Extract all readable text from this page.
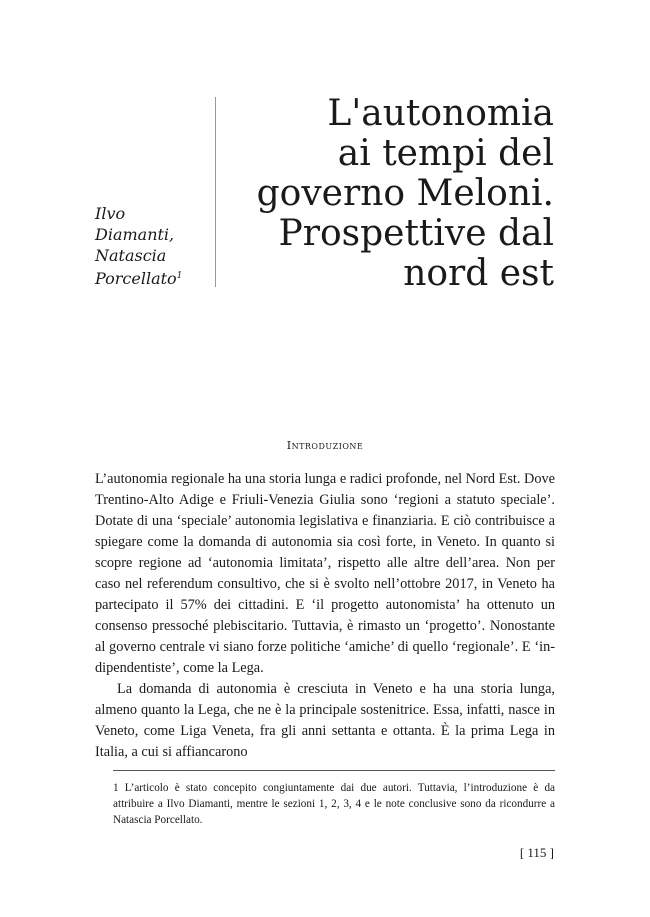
Ilvo
Diamanti,
Natascia
Porcellato$^1$
L'autonomia
ai tempi del
governo Meloni.
Prospettive dal
nord est
Introduzione

L’autonomia regionale ha una storia lunga e radici profonde, nel Nord Est. Dove Trentino-Alto Adige e Friuli-Venezia Giulia sono ‘regioni a statuto speciale’. Dotate di una ‘speciale’ autonomia legislativa e finanziaria. E ciò contribuisce a spiegare come la domanda di autonomia sia così forte, in Veneto. In quanto si scopre regione ad ‘autonomia limitata’, rispetto alle altre dell’area. Non per caso nel referendum consultivo, che si è svolto nell’ottobre 2017, in Veneto ha partecipato il 57% dei cittadini. E ‘il progetto autonomista’ ha ottenuto un consenso pressoché plebiscitario. Tuttavia, è rimasto un ‘progetto’. Nonostante al governo centrale vi siano forze politiche ‘amiche’ di quello ‘regionale’. E ‘in-dipendentiste’, come la Lega.

La domanda di autonomia è cresciuta in Veneto e ha una storia lunga, almeno quanto la Lega, che ne è la principale sostenitrice. Essa, infatti, nasce in Veneto, come Liga Veneta, fra gli anni settanta e ottanta. È la prima Lega in Italia, a cui si affiancarono

1 L’articolo è stato concepito congiuntamente dai due autori. Tuttavia, l’introduzione è da attribuire a Ilvo Diamanti, mentre le sezioni 1, 2, 3, 4 e le note conclusive sono da ricondurre a Natascia Porcellato.
[ 115 ]
